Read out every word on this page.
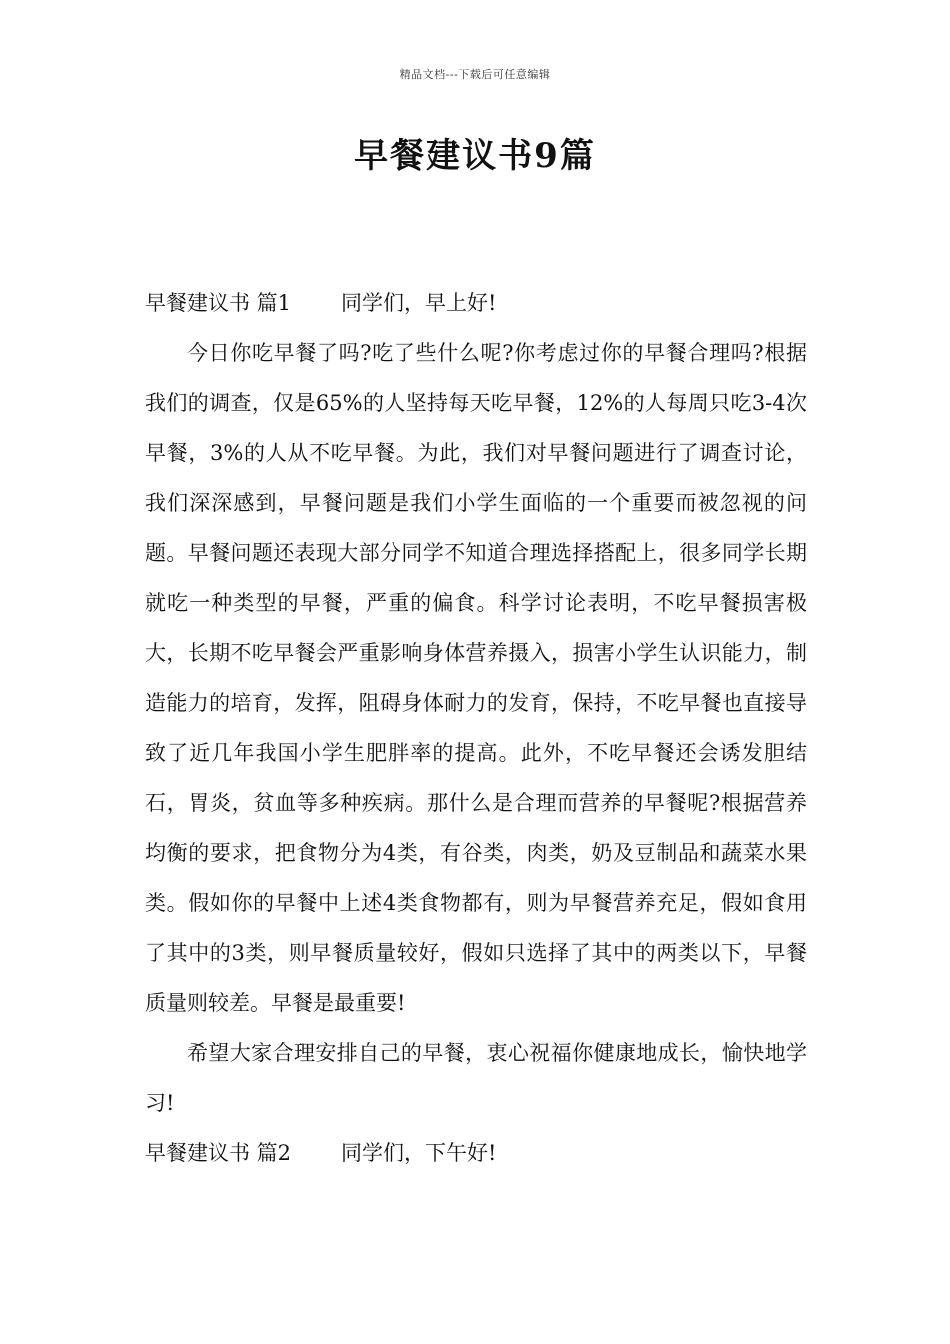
精品文档---下载后可任意编辑
早餐建议书9篇

早餐建议书 篇1 同学们，早上好!

今日你吃早餐了吗?吃了些什么呢?你考虑过你的早餐合理吗?根据我们的调查，仅是65%的人坚持每天吃早餐，12%的人每周只吃3-4次早餐，3%的人从不吃早餐。为此，我们对早餐问题进行了调查讨论，我们深深感到，早餐问题是我们小学生面临的一个重要而被忽视的问题。早餐问题还表现大部分同学不知道合理选择搭配上，很多同学长期就吃一种类型的早餐，严重的偏食。科学讨论表明，不吃早餐损害极大，长期不吃早餐会严重影响身体营养摄入，损害小学生认识能力，制造能力的培育，发挥，阻碍身体耐力的发育，保持，不吃早餐也直接导致了近几年我国小学生肥胖率的提高。此外，不吃早餐还会诱发胆结石，胃炎，贫血等多种疾病。那什么是合理而营养的早餐呢?根据营养均衡的要求，把食物分为4类，有谷类，肉类，奶及豆制品和蔬菜水果类。假如你的早餐中上述4类食物都有，则为早餐营养充足，假如食用了其中的3类，则早餐质量较好，假如只选择了其中的两类以下，早餐质量则较差。早餐是最重要!

希望大家合理安排自己的早餐，衷心祝福你健康地成长，愉快地学习!

早餐建议书 篇2 同学们，下午好!
